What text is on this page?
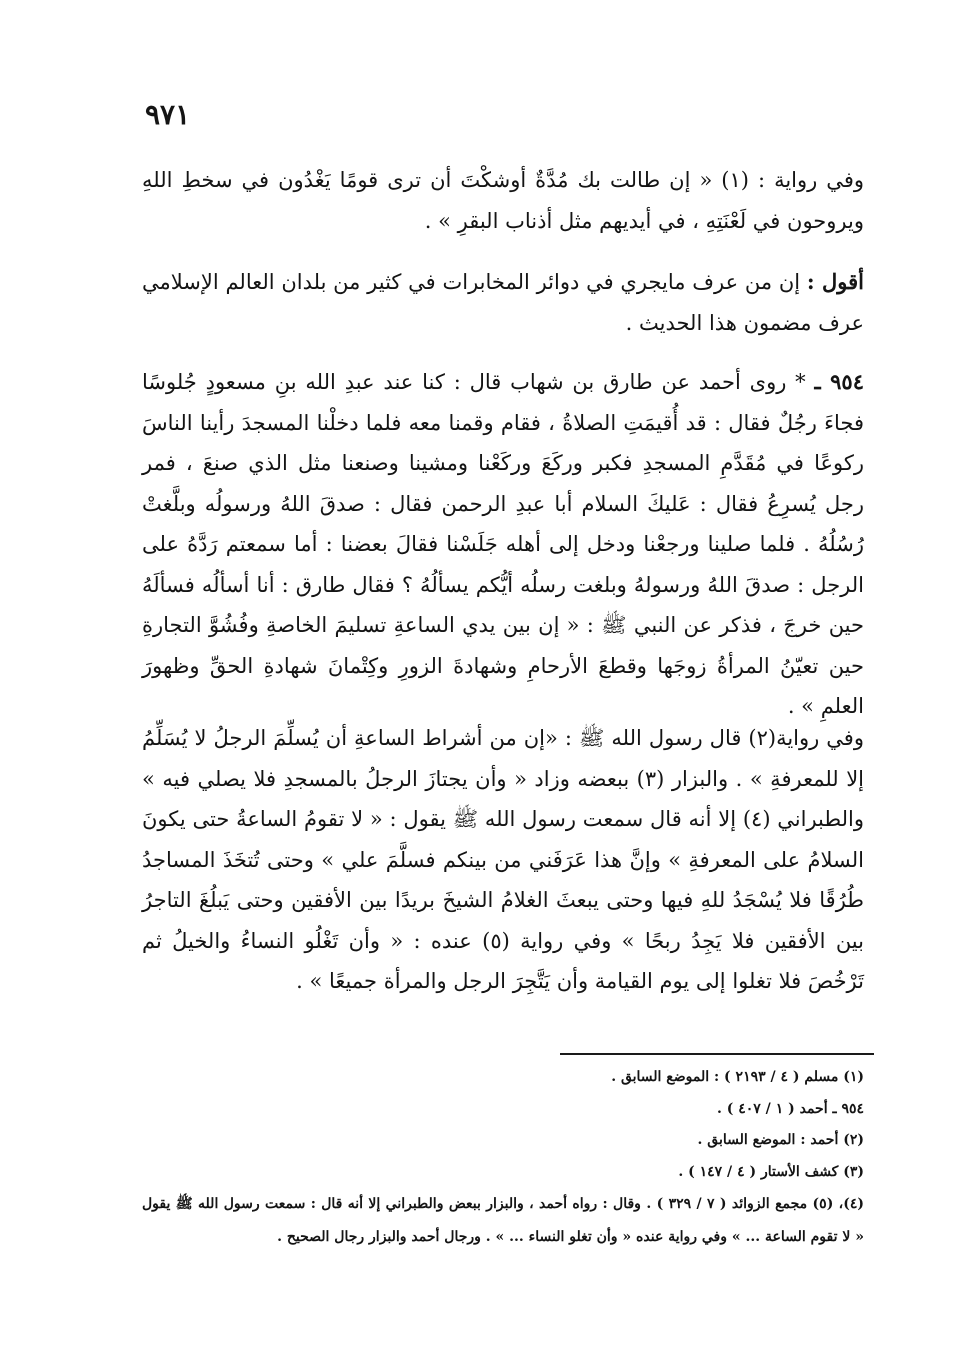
٩٧١

وفي رواية : (١) « إن طالت بك مُدَّةٌ أوشكْتَ أن ترى قومًا يَغْدُون في سخطِ اللهِ ويروحون في لَعْنَتِهِ ، في أيديهم مثل أذناب البقرِ » .

أقول : إن من عرف مايجري في دوائر المخابرات في كثير من بلدان العالم الإسلامي عرف مضمون هذا الحديث .

٩٥٤ ـ * روى أحمد عن طارق بن شهاب قال : كنا عند عبدِ الله بنِ مسعودٍ جُلوسًا فجاءَ رجُلٌ فقال : قد أُقيمَتِ الصلاةُ ، فقام وقمنا معه فلما دخلْنا المسجدَ رأينا الناسَ ركوعًا في مُقَدَّمِ المسجدِ فكبر وركَعَ وركَعْنا ومشينا وصنعنا مثل الذي صنعَ ، فمر رجل يُسرِعُ فقال : عَليكَ السلام أبا عبدِ الرحمن فقال : صدقَ اللهُ ورسولُه وبلَّغتْ رُسُلُهُ . فلما صلينا ورجعْنا ودخل إلى أهله جَلَسْنا فقالَ بعضنا : أما سمعتم رَدَّهُ على الرجل : صدقَ اللهُ ورسولهُ وبلغت رسلُه أيُّكم يسألُهُ ؟ فقال طارق : أنا أسألُه فسألَهُ حين خرجَ ، فذكر عن النبي ﷺ : « إن بين يدي الساعةِ تسليمَ الخاصةِ وفُشُوَّ التجارةِ حين تعيّنُ المرأةُ زوجَها وقطعَ الأرحامِ وشهادةَ الزورِ وكِتْمانَ شهادةِ الحقِّ وظهورَ العلمِ » .

وفي رواية(٢) قال رسول الله ﷺ : «إن من أشراط الساعةِ أن يُسلِّمَ الرجلُ لا يُسَلِّمُ إلا للمعرفةِ » . والبزار (٣) ببعضه وزاد « وأن يجتازَ الرجلُ بالمسجدِ فلا يصلي فيه » والطبراني (٤) إلا أنه قال سمعت رسول الله ﷺ يقول : « لا تقومُ الساعةُ حتى يكونَ السلامُ على المعرفةِ » وإنَّ هذا عَرَفَني من بينكم فسلَّمَ علي » وحتى تُتخَذَ المساجدُ طُرُقًا فلا يُسْجَدُ للهِ فيها وحتى يبعثَ الغلامُ الشيخَ بريدًا بين الأفقين وحتى يَبلُغَ التاجرُ بين الأفقين فلا يَجِدُ ربحًا » وفي رواية (٥) عنده : « وأن تَغْلُو النساءُ والخيلُ ثم تَرْخُصَ فلا تغلوا إلى يوم القيامة وأن يَتَّجِرَ الرجل والمرأة جميعًا » .

(١) مسلم ( ٤ / ٢١٩٣ ) : الموضع السابق .
٩٥٤ ـ أحمد ( ١ / ٤٠٧ ) .
(٢) أحمد : الموضع السابق .
(٣) كشف الأستار ( ٤ / ١٤٧ ) .
(٤)، (٥) مجمع الزوائد ( ٧ / ٣٢٩ ) . وقال : رواه أحمد ، والبزار ببعض والطبراني إلا أنه قال : سمعت رسول الله ﷺ يقول « لا تقوم الساعة ... » وفي رواية عنده « وأن تغلو النساء ... » . ورجال أحمد والبزار رجال الصحيح .
